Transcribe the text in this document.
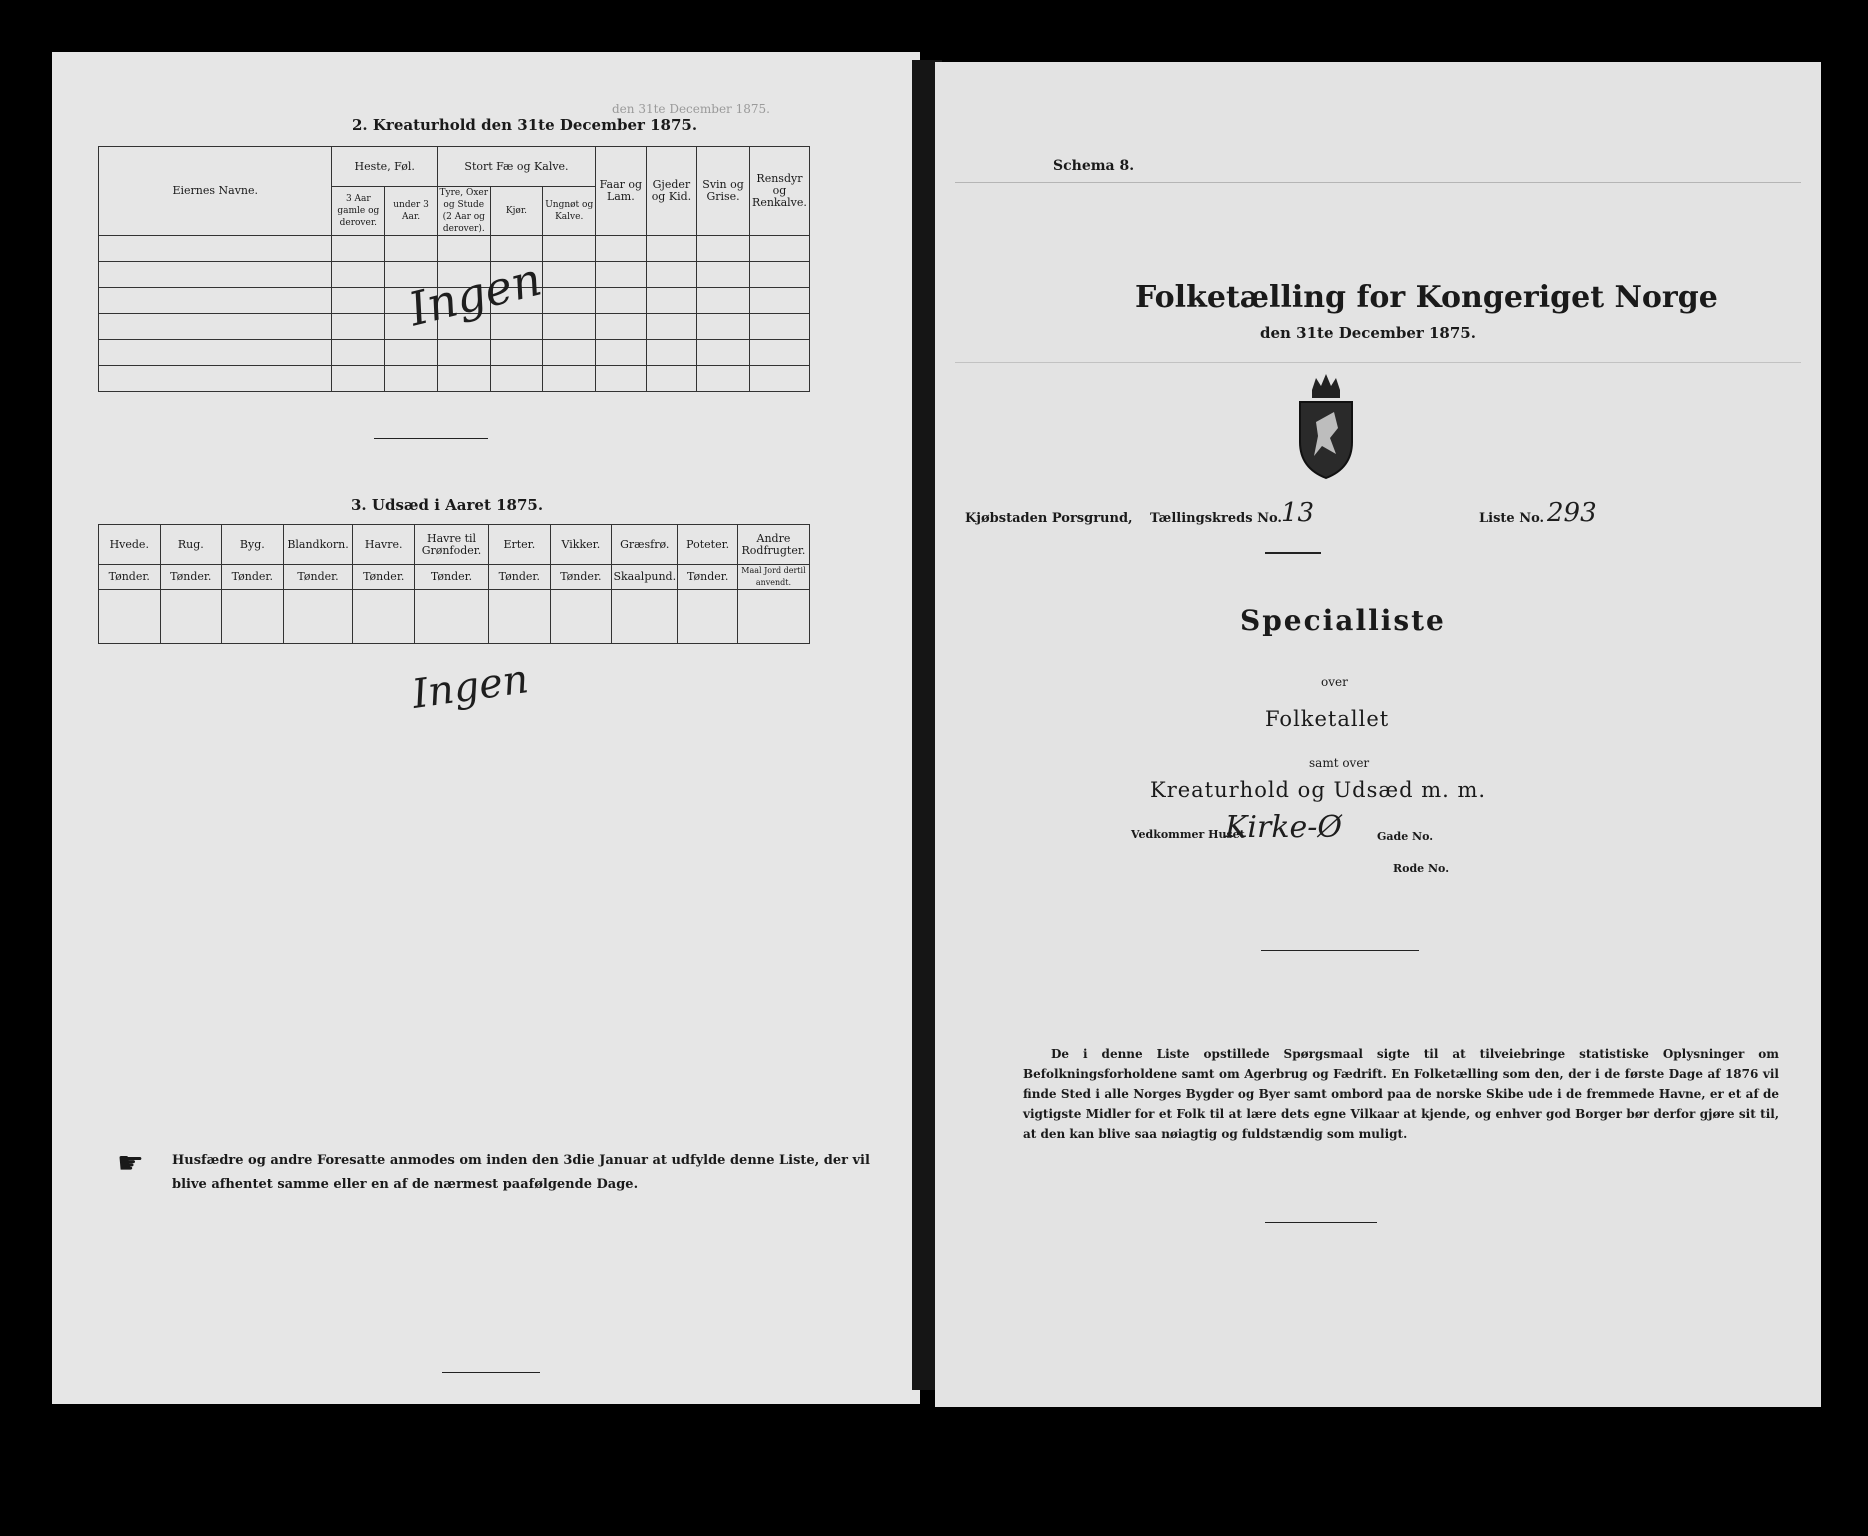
2. Kreaturhold den 31te December 1875.
den 31te December 1875.
Eiernes Navne.	Heste, Føl.		Stort Fæ og Kalve.			Faar og Lam.	Gjeder og Kid.	Svin og Grise.	Rensdyr og Renkalve.
	3 Aar gamle og derover.	under 3 Aar.	Tyre, Oxer og Stude (2 Aar og derover).	Kjør.	Ungnøt og Kalve.				

Ingen
3. Udsæd i Aaret 1875.
Hvede.	Rug.	Byg.	Blandkorn.	Havre.	Havre til Grønfoder.	Erter.	Vikker.	Græsfrø.	Poteter.	Andre Rodfrugter.
Tønder.	Tønder.	Tønder.	Tønder.	Tønder.	Tønder.	Tønder.	Tønder.	Skaalpund.	Tønder.	Maal Jord dertil anvendt.

Ingen
☛ Husfædre og andre Foresatte anmodes om inden den 3die Januar at udfylde denne Liste, der vil blive afhentet samme eller en af de nærmest paafølgende Dage.
Schema 8.
Folketælling for Kongeriget Norge
den 31te December 1875.
Kjøbstaden Porsgrund, Tællingskreds No. 13	Liste No. 293
Specialliste
over
Folketallet
samt over
Kreaturhold og Udsæd m. m.
Vedkommer Huset
Kirke-Ø	Gade No.
Rode No.
De i denne Liste opstillede Spørgsmaal sigte til at tilveiebringe statistiske Oplysninger om Befolkningsforholdene samt om Agerbrug og Fædrift. En Folketælling som den, der i de første Dage af 1876 vil finde Sted i alle Norges Bygder og Byer samt ombord paa de norske Skibe ude i de fremmede Havne, er et af de vigtigste Midler for et Folk til at lære dets egne Vilkaar at kjende, og enhver god Borger bør derfor gjøre sit til, at den kan blive saa nøiagtig og fuldstændig som muligt.
